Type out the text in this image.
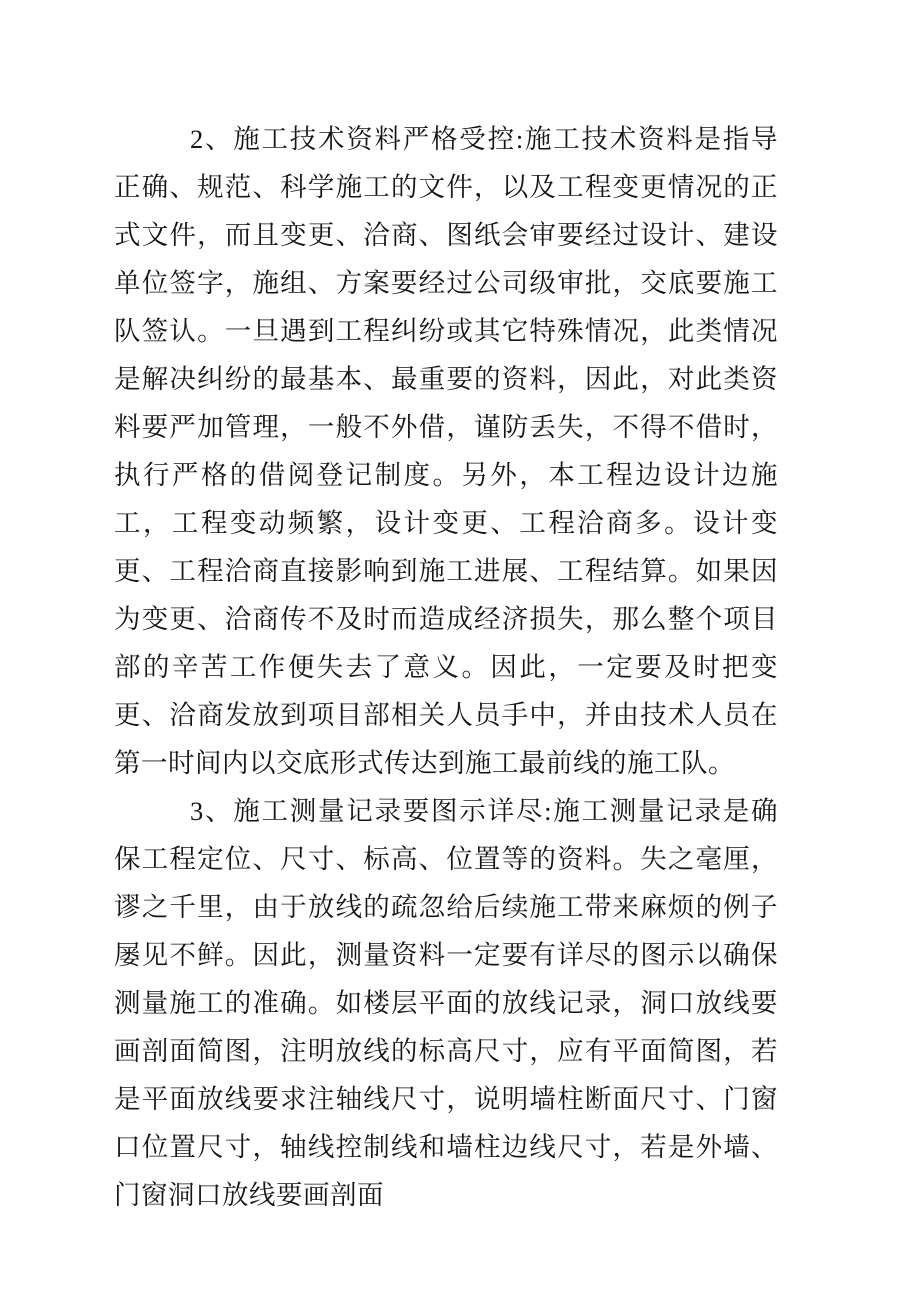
2、施工技术资料严格受控:施工技术资料是指导正确、规范、科学施工的文件，以及工程变更情况的正式文件，而且变更、洽商、图纸会审要经过设计、建设单位签字，施组、方案要经过公司级审批，交底要施工队签认。一旦遇到工程纠纷或其它特殊情况，此类情况是解决纠纷的最基本、最重要的资料，因此，对此类资料要严加管理，一般不外借，谨防丢失，不得不借时，执行严格的借阅登记制度。另外，本工程边设计边施工，工程变动频繁，设计变更、工程洽商多。设计变更、工程洽商直接影响到施工进展、工程结算。如果因为变更、洽商传不及时而造成经济损失，那么整个项目部的辛苦工作便失去了意义。因此，一定要及时把变更、洽商发放到项目部相关人员手中，并由技术人员在第一时间内以交底形式传达到施工最前线的施工队。

3、施工测量记录要图示详尽:施工测量记录是确保工程定位、尺寸、标高、位置等的资料。失之毫厘，谬之千里，由于放线的疏忽给后续施工带来麻烦的例子屡见不鲜。因此，测量资料一定要有详尽的图示以确保测量施工的准确。如楼层平面的放线记录，洞口放线要画剖面简图，注明放线的标高尺寸，应有平面简图，若是平面放线要求注轴线尺寸，说明墙柱断面尺寸、门窗口位置尺寸，轴线控制线和墙柱边线尺寸，若是外墙、门窗洞口放线要画剖面
